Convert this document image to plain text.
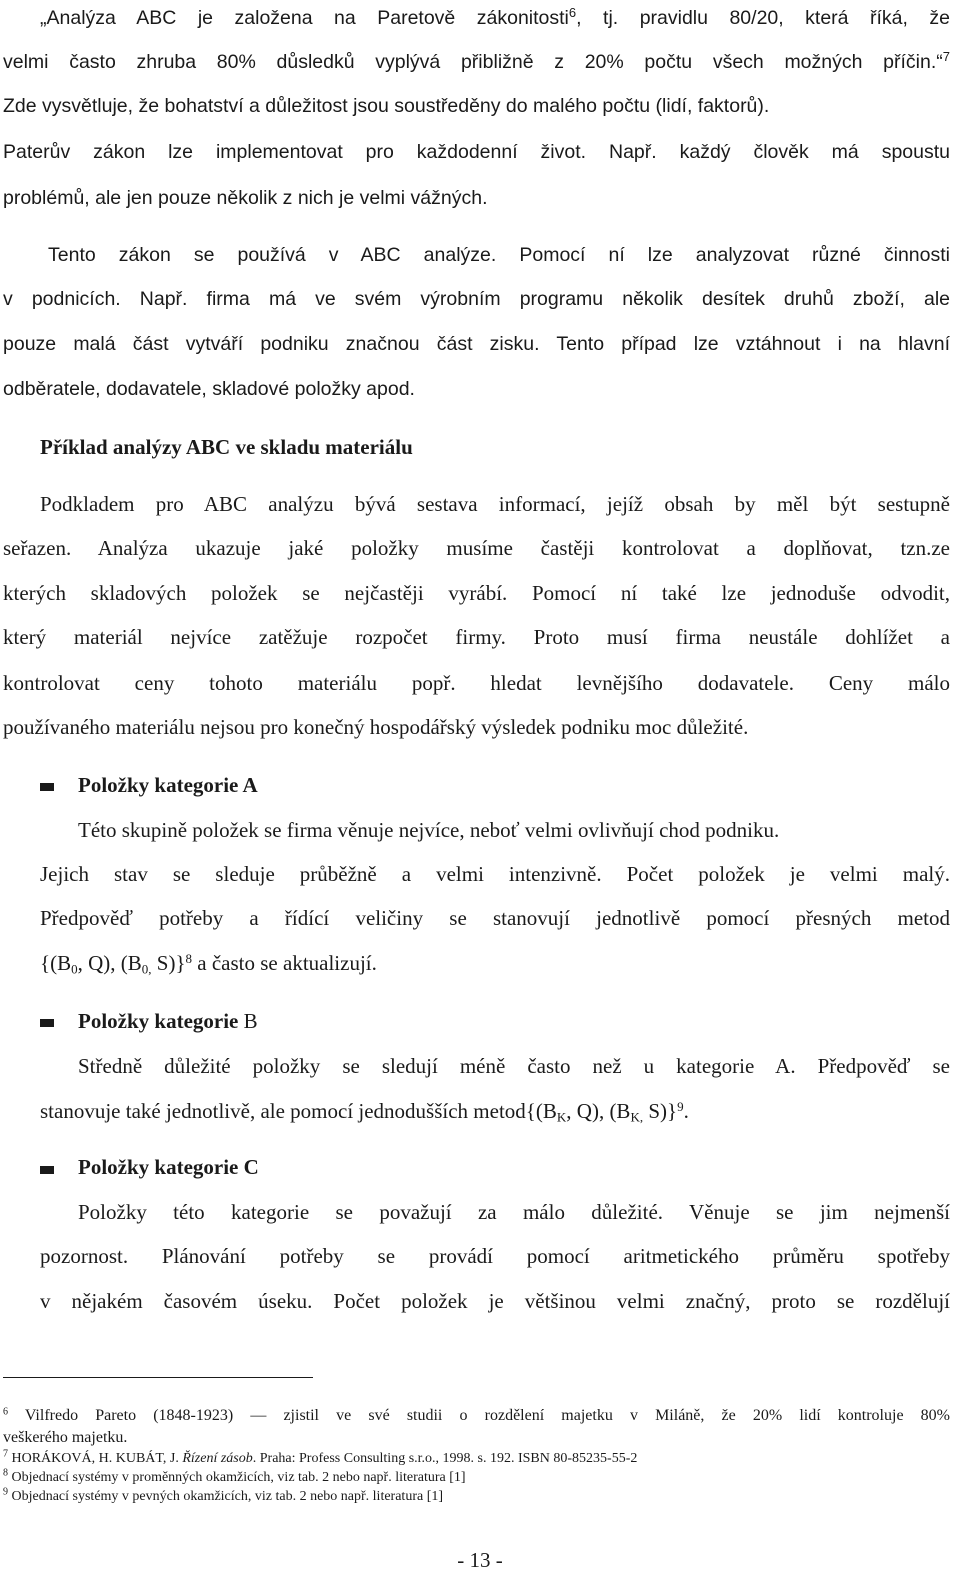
„Analýza ABC je založena na Paretově zákonitosti$^6$, tj. pravidlu 80/20, která říká, že
velmi často zhruba 80% důsledků vyplývá přibližně z 20% počtu všech možných příčin.“$^7$
Zde vysvětluje, že bohatství a důležitost jsou soustředěny do malého počtu (lidí, faktorů).
Paterův zákon lze implementovat pro každodenní život. Např. každý člověk má spoustu
problémů, ale jen pouze několik z nich je velmi vážných.
Tento zákon se používá v ABC analýze. Pomocí ní lze analyzovat různé činnosti
v podnicích. Např. firma má ve svém výrobním programu několik desítek druhů zboží, ale
pouze malá část vytváří podniku značnou část zisku. Tento případ lze vztáhnout i na hlavní
odběratele, dodavatele, skladové položky apod.
Příklad analýzy ABC ve skladu materiálu
Podkladem pro ABC analýzu bývá sestava informací, jejíž obsah by měl být sestupně
seřazen. Analýza ukazuje jaké položky musíme častěji kontrolovat a doplňovat, tzn.ze
kterých skladových položek se nejčastěji vyrábí. Pomocí ní také lze jednoduše odvodit,
který materiál nejvíce zatěžuje rozpočet firmy. Proto musí firma neustále dohlížet a
kontrolovat ceny tohoto materiálu popř. hledat levnějšího dodavatele. Ceny málo
používaného materiálu nejsou pro konečný hospodářský výsledek podniku moc důležité.
Položky kategorie A
Této skupině položek se firma věnuje nejvíce, neboť velmi ovlivňují chod podniku.
Jejich stav se sleduje průběžně a velmi intenzivně. Počet položek je velmi malý.
Předpověď potřeby a řídící veličiny se stanovují jednotlivě pomocí přesných metod
{($B_0$, Q), ($B_{0,}$ S)}$^8$ a často se aktualizují.
Položky kategorie B
Středně důležité položky se sledují méně často než u kategorie A. Předpověď se
stanovuje také jednotlivě, ale pomocí jednodušších $metod\{(B_K$, Q), ($B_{K,}$ S)}$^9$.
Položky kategorie C
Položky této kategorie se považují za málo důležité. Věnuje se jim nejmenší
pozornost. Plánování potřeby se provádí pomocí aritmetického průměru spotřeby
v nějakém časovém úseku. Počet položek je většinou velmi značný, proto se rozdělují
$^6$ Vilfredo Pareto (1848-1923) — zjistil ve své studii o rozdělení majetku v Miláně, že 20% lidí kontroluje 80%
veškerého majetku.
$^7$ HORÁKOVÁ, H. KUBÁT, J. Řízení zásob. Praha: Profess Consulting s.r.o., 1998. s. 192. ISBN 80-85235-55-2
$^8$ Objednací systémy v proměnných okamžicích, viz tab. 2 nebo např. literatura [1]
$^9$ Objednací systémy v pevných okamžicích, viz tab. 2 nebo např. literatura [1]
- 13 -
